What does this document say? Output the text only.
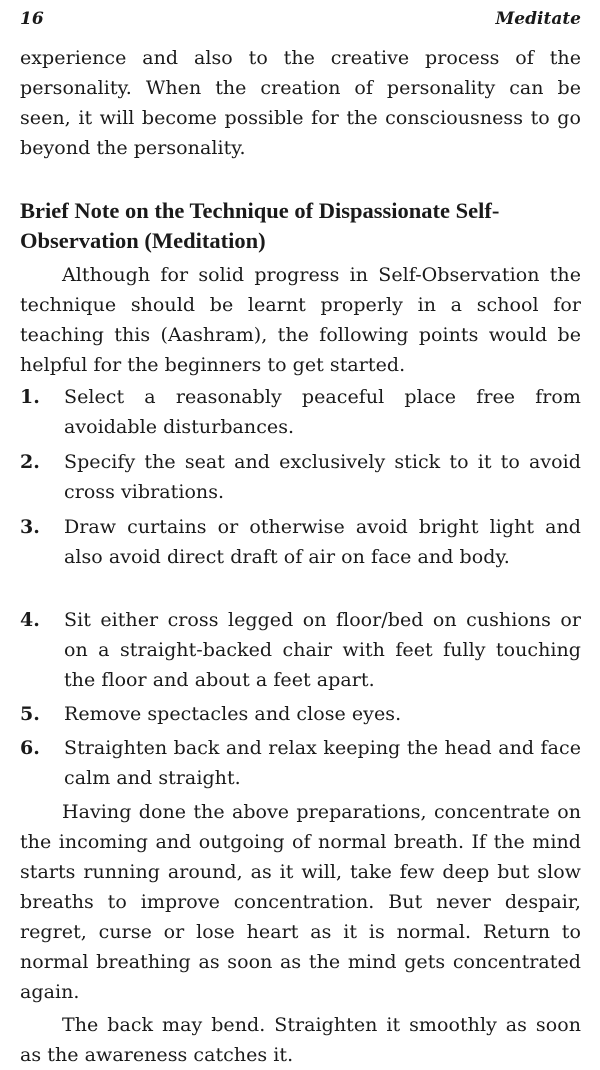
16	Meditate

experience and also to the creative process of the personality. When the creation of personality can be seen, it will become possible for the consciousness to go beyond the personality.

Brief Note on the Technique of Dispassionate Self-Observation (Meditation)

Although for solid progress in Self-Observation the technique should be learnt properly in a school for teaching this (Aashram), the following points would be helpful for the beginners to get started.

1. Select a reasonably peaceful place free from avoidable disturbances.
2. Specify the seat and exclusively stick to it to avoid cross vibrations.
3. Draw curtains or otherwise avoid bright light and also avoid direct draft of air on face and body.
4. Sit either cross legged on floor/bed on cushions or on a straight-backed chair with feet fully touching the floor and about a feet apart.
5. Remove spectacles and close eyes.
6. Straighten back and relax keeping the head and face calm and straight.

Having done the above preparations, concentrate on the incoming and outgoing of normal breath. If the mind starts running around, as it will, take few deep but slow breaths to improve concentration. But never despair, regret, curse or lose heart as it is normal. Return to normal breathing as soon as the mind gets concentrated again.

The back may bend. Straighten it smoothly as soon as the awareness catches it.
